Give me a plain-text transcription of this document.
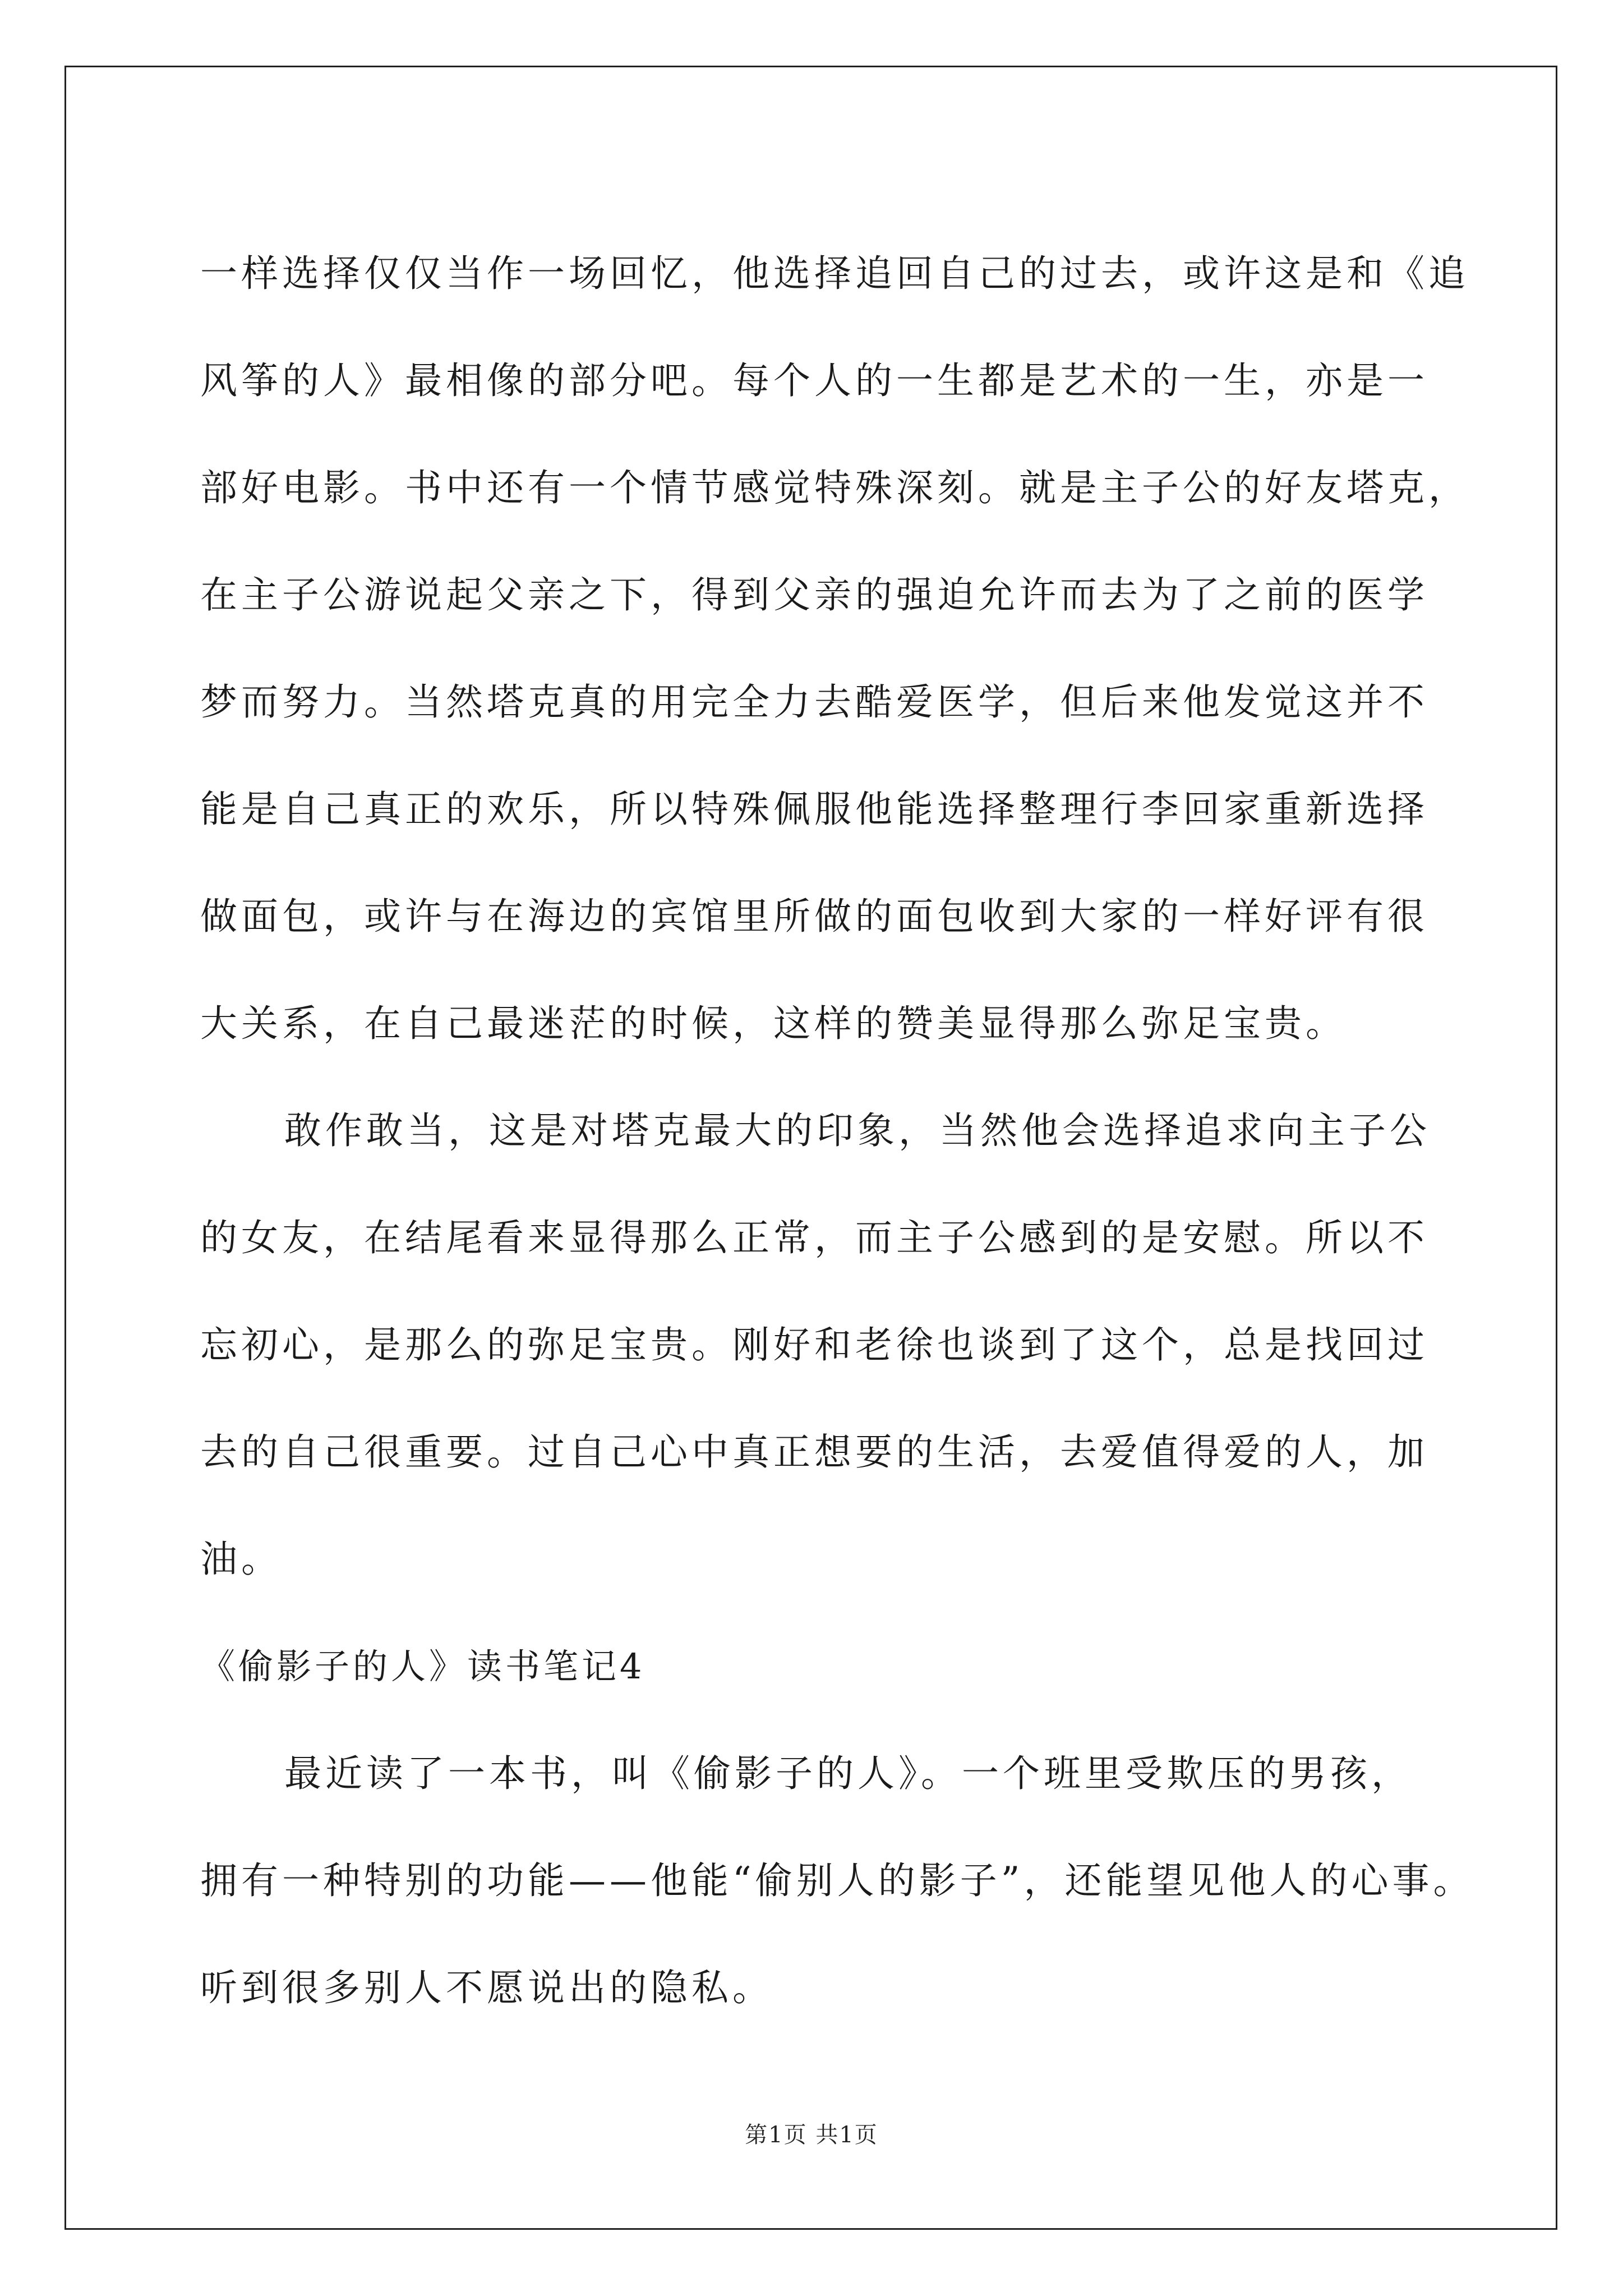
一样选择仅仅当作一场回忆，他选择追回自己的过去，或许这是和《追
风筝的人》最相像的部分吧。每个人的一生都是艺术的一生，亦是一
部好电影。书中还有一个情节感觉特殊深刻。就是主子公的好友塔克，
在主子公游说起父亲之下，得到父亲的强迫允许而去为了之前的医学
梦而努力。当然塔克真的用完全力去酷爱医学，但后来他发觉这并不
能是自己真正的欢乐，所以特殊佩服他能选择整理行李回家重新选择
做面包，或许与在海边的宾馆里所做的面包收到大家的一样好评有很
大关系，在自己最迷茫的时候，这样的赞美显得那么弥足宝贵。
敢作敢当，这是对塔克最大的印象，当然他会选择追求向主子公
的女友，在结尾看来显得那么正常，而主子公感到的是安慰。所以不
忘初心，是那么的弥足宝贵。刚好和老徐也谈到了这个，总是找回过
去的自己很重要。过自己心中真正想要的生活，去爱值得爱的人，加
油。
《偷影子的人》读书笔记4
最近读了一本书，叫《偷影子的人》。一个班里受欺压的男孩，
拥有一种特别的功能——他能“偷别人的影子”，还能望见他人的心事。
听到很多别人不愿说出的隐私。
第1页 共1页
